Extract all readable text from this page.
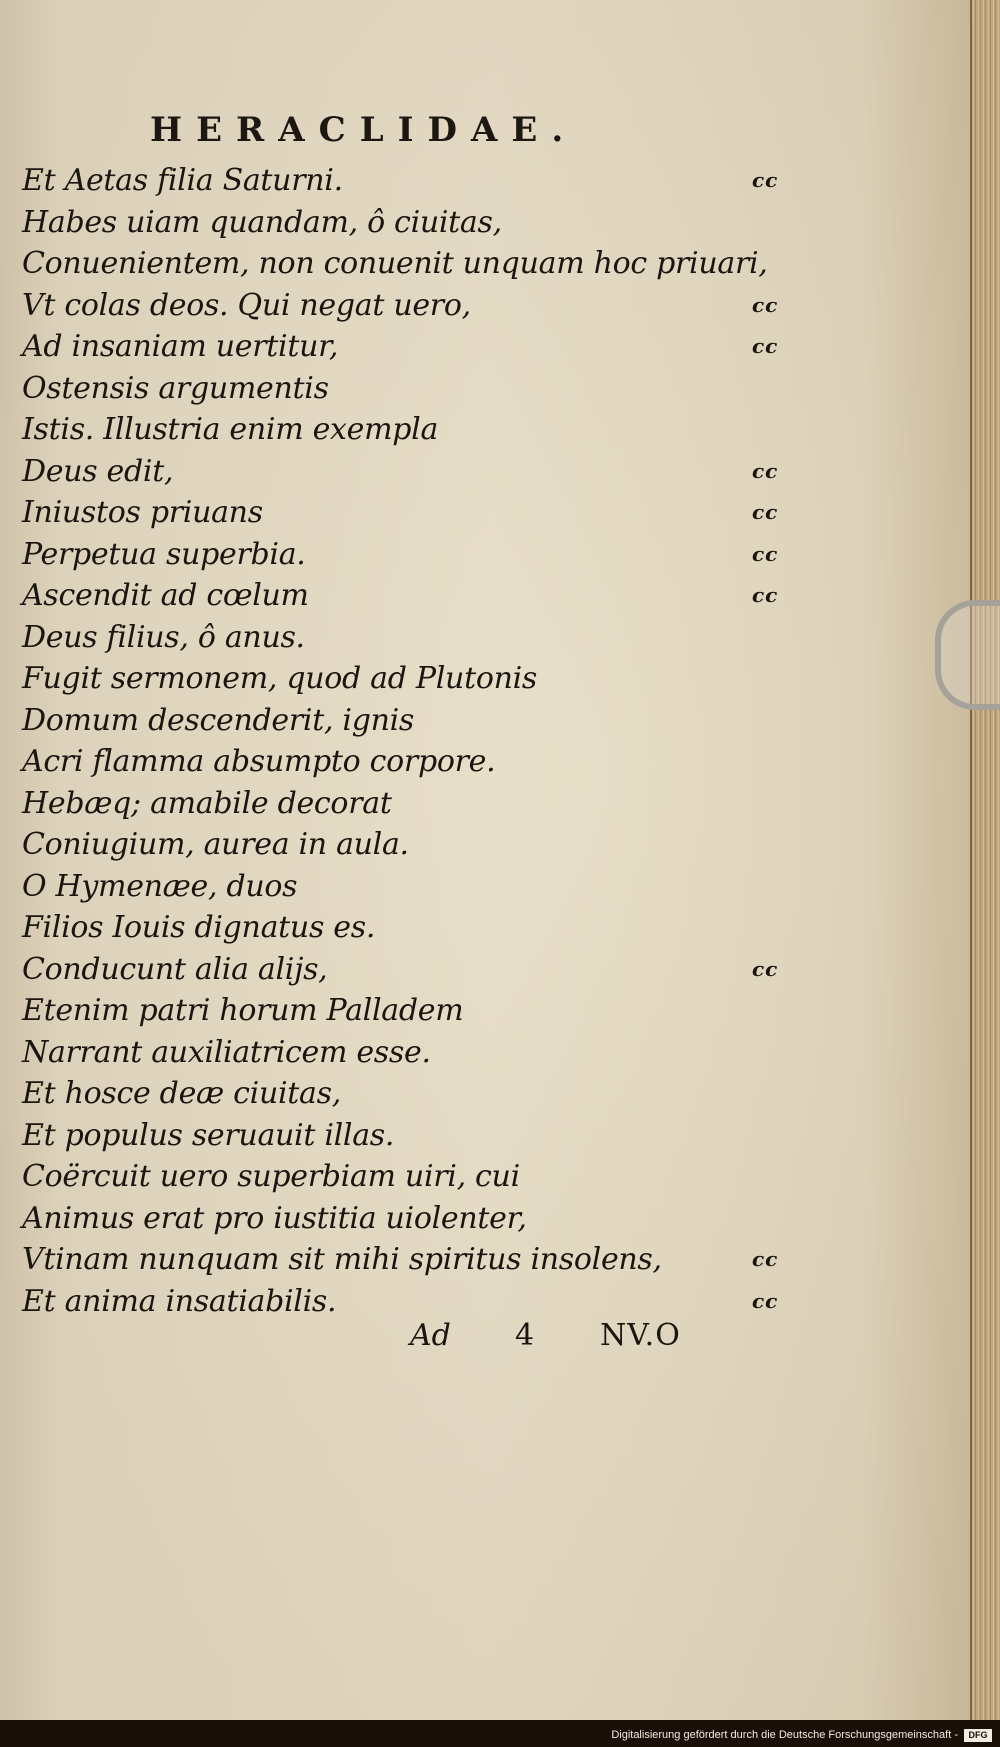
HERACLIDAE.
Et Aetas filia Saturni.	cc
Habes uiam quandam, ô ciuitas,
Conuenientem, non conuenit unquam hoc priuari,
Vt colas deos. Qui negat uero,	cc
Ad insaniam uertitur,	cc
Ostensis argumentis
Istis. Illustria enim exempla
Deus edit,	cc
Iniustos priuans	cc
Perpetua superbia.	cc
Ascendit ad cœlum	cc
Deus filius, ô anus.
Fugit sermonem, quod ad Plutonis
Domum descenderit, ignis
Acri flamma absumpto corpore.
Hebæq; amabile decorat
Coniugium, aurea in aula.
O Hymenæe, duos
Filios Iouis dignatus es.
Conducunt alia alijs,	cc
Etenim patri horum Palladem
Narrant auxiliatricem esse.
Et hosce deæ ciuitas,
Et populus seruauit illas.
Coërcuit uero superbiam uiri, cui
Animus erat pro iustitia uiolenter,
Vtinam nunquam sit mihi spiritus insolens,	cc
Et anima insatiabilis.	cc
Ad 4 NV.O
Digitalisierung gefördert durch die Deutsche Forschungsgemeinschaft -	DFG
